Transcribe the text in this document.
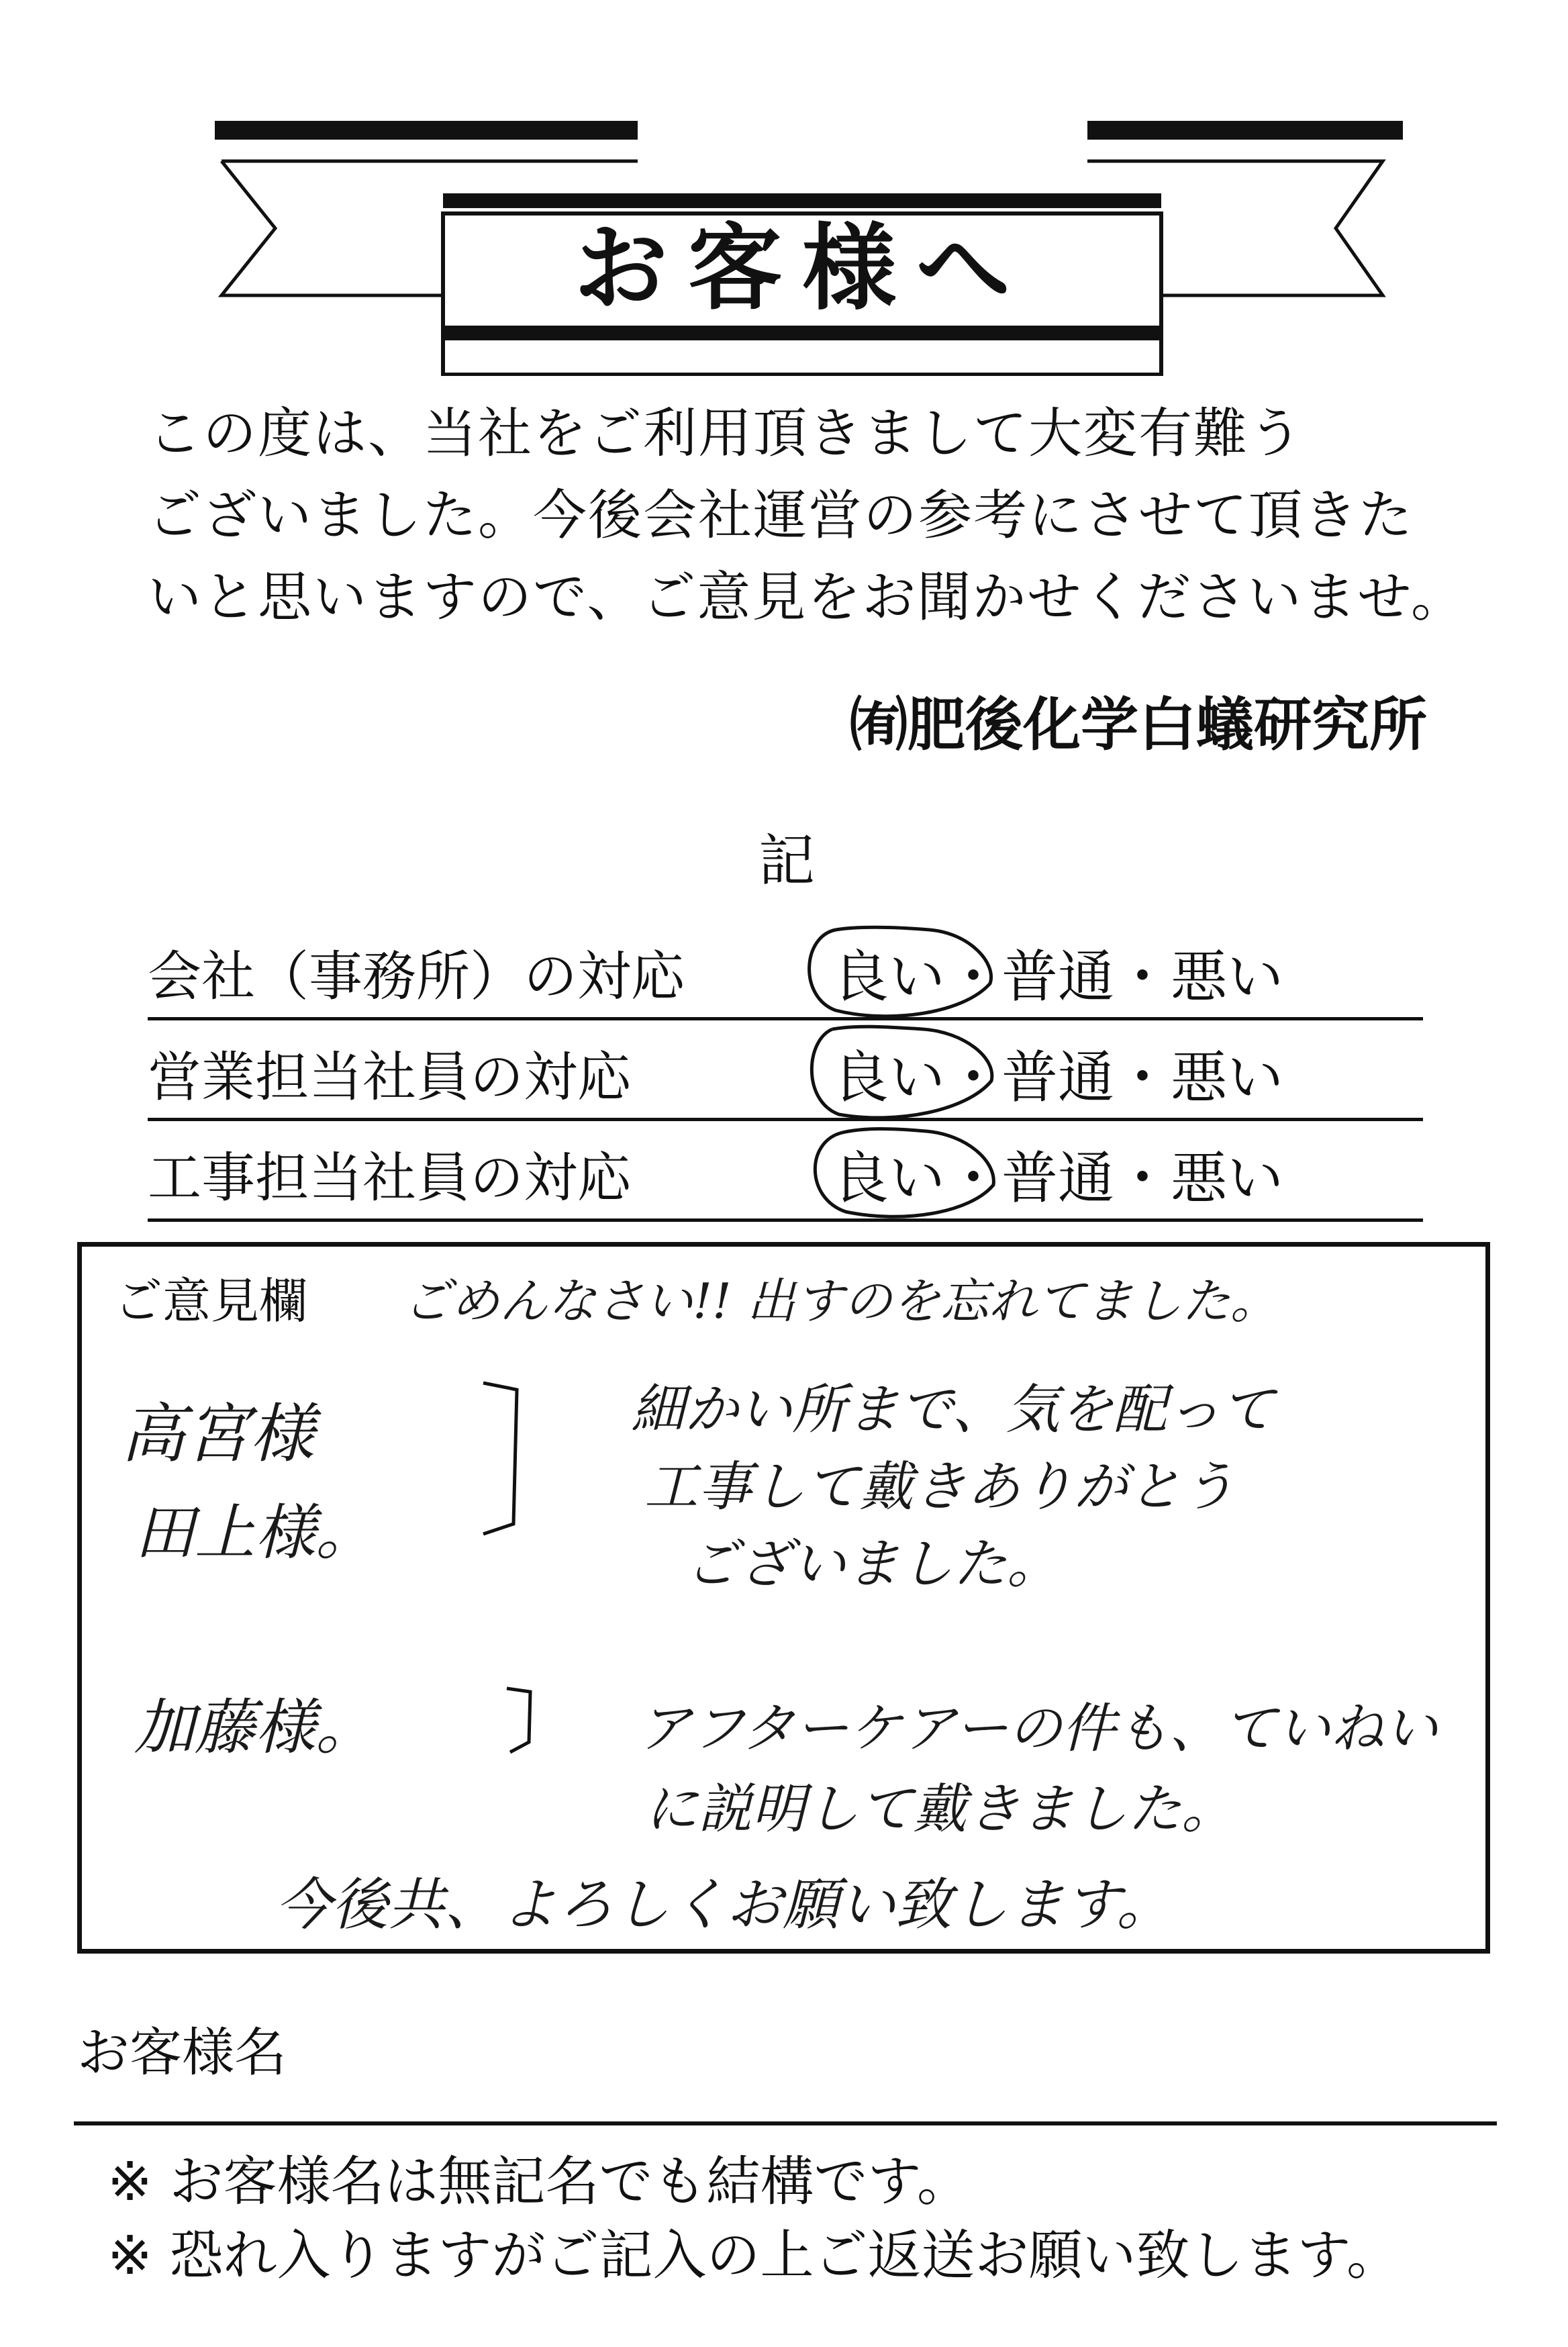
お客様へ
この度は、当社をご利用頂きまして大変有難う
ございました。今後会社運営の参考にさせて頂きた
いと思いますので、ご意見をお聞かせくださいませ。
㈲肥後化学白蟻研究所
記
会社（事務所）の対応	良い・普通・悪い
営業担当社員の対応	良い・普通・悪い
工事担当社員の対応	良い・普通・悪い
ご意見欄 ごめんなさい!! 出すのを忘れてました。
高宮様
田上様。
細かい所まで、気を配って
工事して戴きありがとう
ございました。
加藤様。	アフターケアーの件も、ていねい
に説明して戴きました。
今後共、よろしくお願い致します。
お客様名
※ お客様名は無記名でも結構です。
※ 恐れ入りますがご記入の上ご返送お願い致します。
